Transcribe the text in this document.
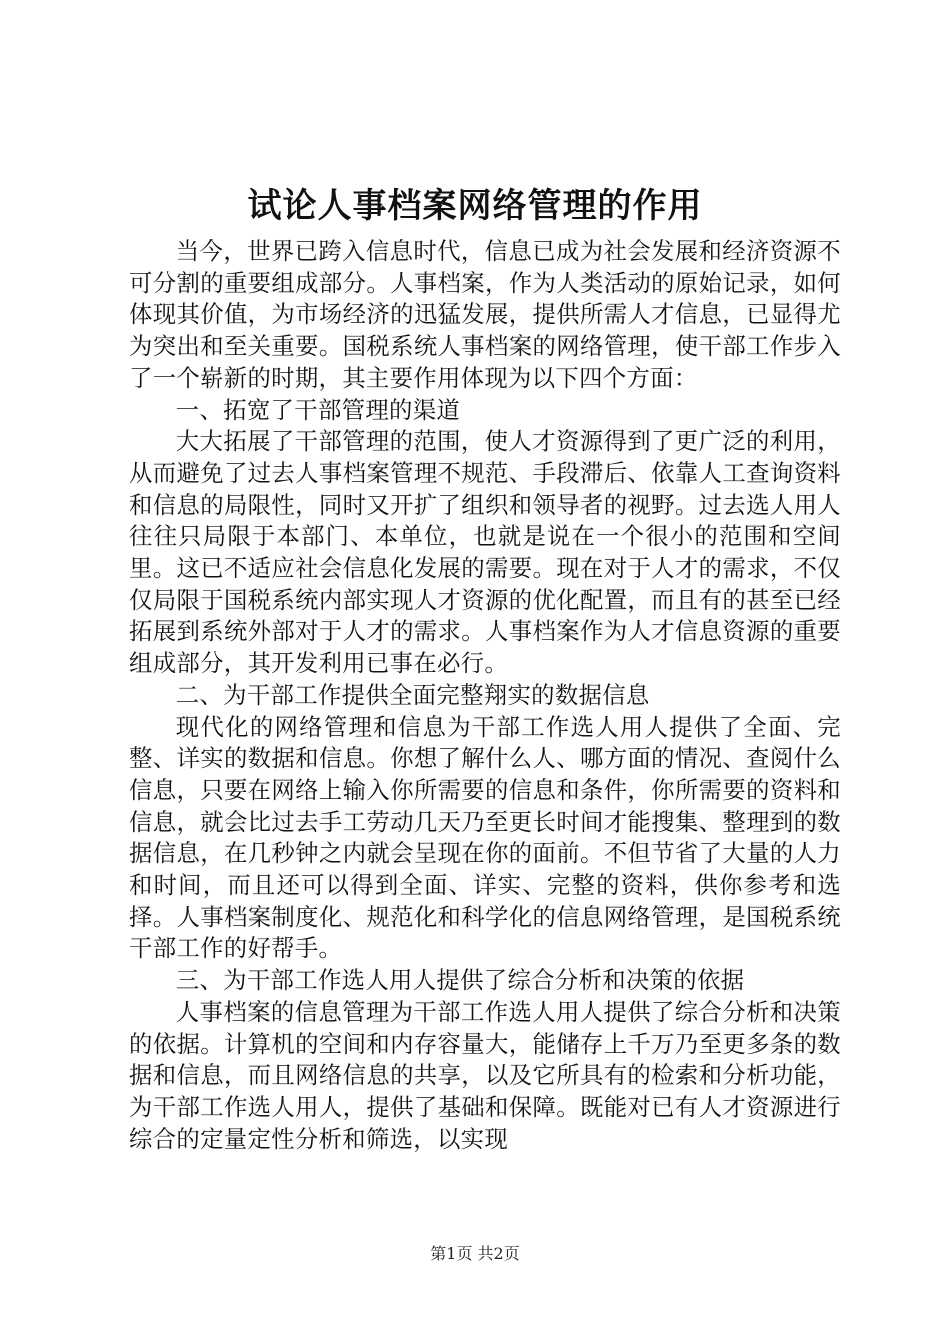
试论人事档案网络管理的作用

当今，世界已跨入信息时代，信息已成为社会发展和经济资源不可分割的重要组成部分。人事档案，作为人类活动的原始记录，如何体现其价值，为市场经济的迅猛发展，提供所需人才信息，已显得尤为突出和至关重要。国税系统人事档案的网络管理，使干部工作步入了一个崭新的时期，其主要作用体现为以下四个方面：

一、拓宽了干部管理的渠道

大大拓展了干部管理的范围，使人才资源得到了更广泛的利用，从而避免了过去人事档案管理不规范、手段滞后、依靠人工查询资料和信息的局限性，同时又开扩了组织和领导者的视野。过去选人用人往往只局限于本部门、本单位，也就是说在一个很小的范围和空间里。这已不适应社会信息化发展的需要。现在对于人才的需求，不仅仅局限于国税系统内部实现人才资源的优化配置，而且有的甚至已经拓展到系统外部对于人才的需求。人事档案作为人才信息资源的重要组成部分，其开发利用已事在必行。

二、为干部工作提供全面完整翔实的数据信息

现代化的网络管理和信息为干部工作选人用人提供了全面、完整、详实的数据和信息。你想了解什么人、哪方面的情况、查阅什么信息，只要在网络上输入你所需要的信息和条件，你所需要的资料和信息，就会比过去手工劳动几天乃至更长时间才能搜集、整理到的数据信息，在几秒钟之内就会呈现在你的面前。不但节省了大量的人力和时间，而且还可以得到全面、详实、完整的资料，供你参考和选择。人事档案制度化、规范化和科学化的信息网络管理，是国税系统干部工作的好帮手。

三、为干部工作选人用人提供了综合分析和决策的依据

人事档案的信息管理为干部工作选人用人提供了综合分析和决策的依据。计算机的空间和内存容量大，能储存上千万乃至更多条的数据和信息，而且网络信息的共享，以及它所具有的检索和分析功能，为干部工作选人用人，提供了基础和保障。既能对已有人才资源进行综合的定量定性分析和筛选，以实现

第1页 共2页
